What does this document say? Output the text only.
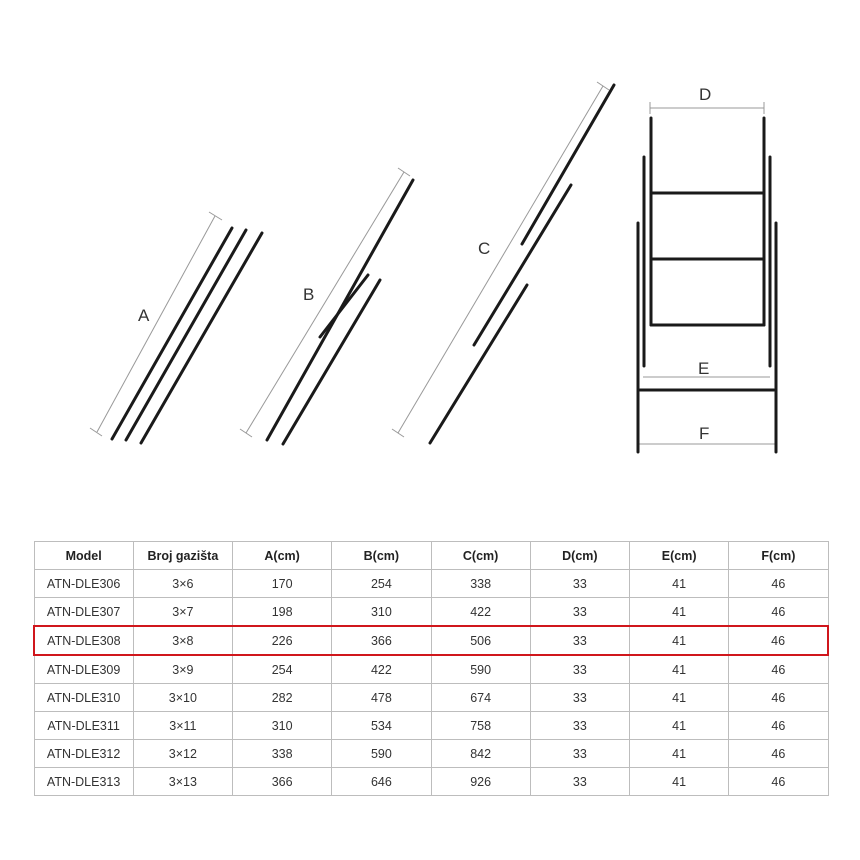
A
B
C
D
E
F
Model	Broj gazišta	A(cm)	B(cm)	C(cm)	D(cm)	E(cm)	F(cm)
ATN-DLE306	3×6	170	254	338	33	41	46
ATN-DLE307	3×7	198	310	422	33	41	46
ATN-DLE308	3×8	226	366	506	33	41	46
ATN-DLE309	3×9	254	422	590	33	41	46
ATN-DLE310	3×10	282	478	674	33	41	46
ATN-DLE311	3×11	310	534	758	33	41	46
ATN-DLE312	3×12	338	590	842	33	41	46
ATN-DLE313	3×13	366	646	926	33	41	46
